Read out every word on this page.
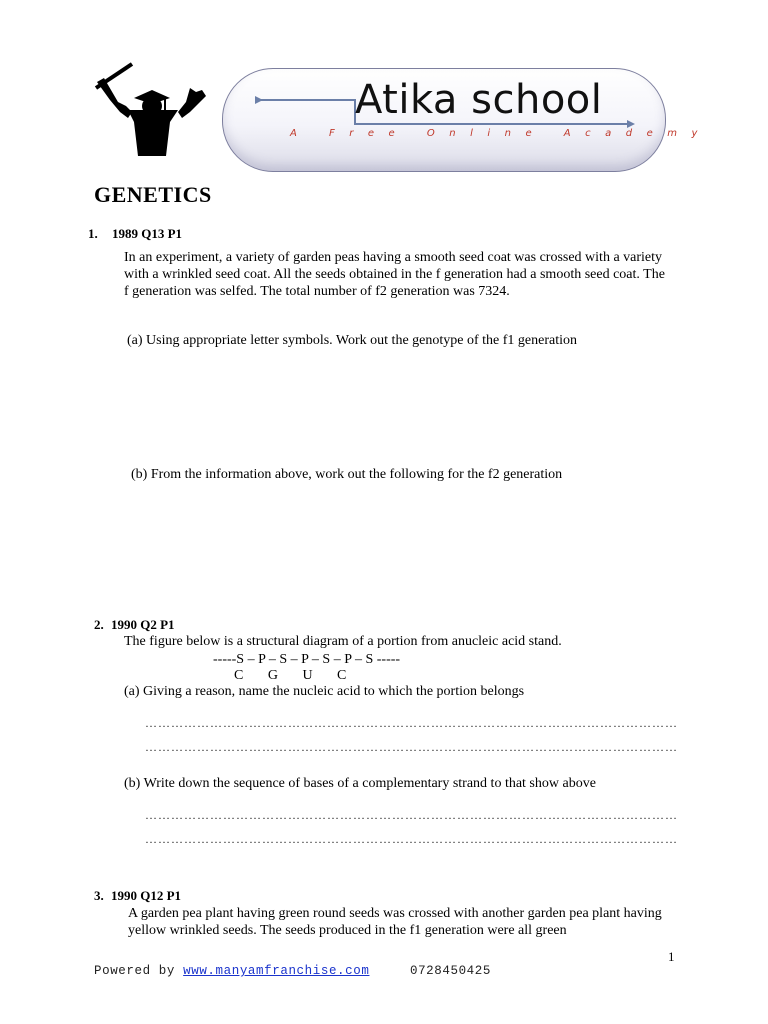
Atika school
A Free Online Academy
GENETICS
1. 1989 Q13 P1
In an experiment, a variety of garden peas having a smooth seed coat was crossed with a variety with a wrinkled seed coat. All the seeds obtained in the f generation had a smooth seed coat. The f generation was selfed. The total number of f2 generation was 7324.
(a) Using appropriate letter symbols. Work out the genotype of the f1 generation
(b) From the information above, work out the following for the f2 generation
2. 1990 Q2 P1
The figure below is a structural diagram of a portion from anucleic acid stand.
-----S – P – S – P – S – P – S -----
C       G       U       C
(a) Giving a reason, name the nucleic acid to which the portion belongs
……………………………………………………………………………………………………………
……………………………………………………………………………………………………………
(b) Write down the sequence of bases of a complementary strand to that show above
……………………………………………………………………………………………………………
……………………………………………………………………………………………………………
3. 1990 Q12 P1
A garden pea plant having green round seeds was crossed with another garden pea plant having yellow wrinkled seeds. The seeds produced in the f1 generation were all green
1
Powered by www.manyamfranchise.com	0728450425
